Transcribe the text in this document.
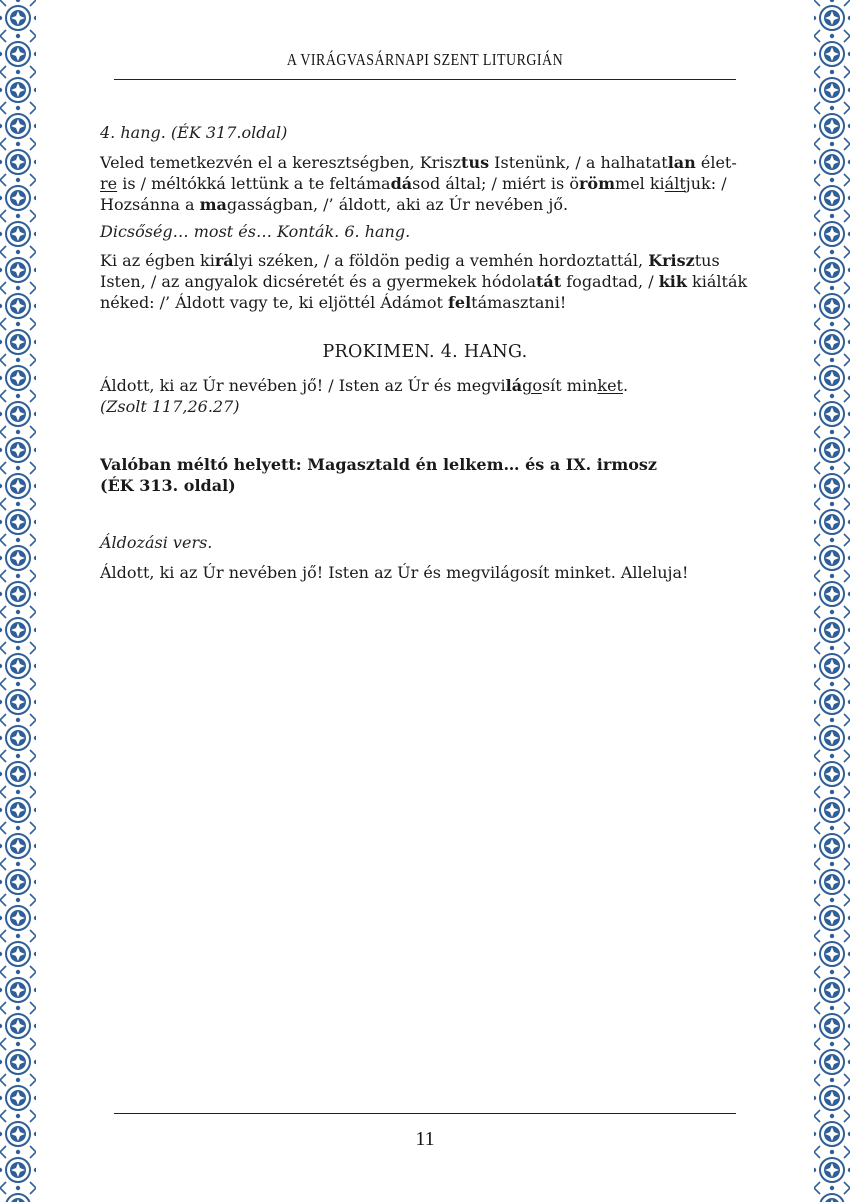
A VIRÁGVASÁRNAPI SZENT LITURGIÁN

4. hang. (ÉK 317.oldal)

Veled temetkezvén el a keresztségben, Krisztus Istenünk, / a halhatatlan élet-

re is / méltókká lettünk a te feltámadásod által; / miért is örömmel kiáltjuk: /

Hozsánna a magasságban, /’ áldott, aki az Úr nevében jő.

Dicsőség… most és… Konták. 6. hang.

Ki az égben királyi széken, / a földön pedig a vemhén hordoztattál, Krisztus

Isten, / az angyalok dicséretét és a gyermekek hódolatát fogadtad, / kik kiálták

néked: /’ Áldott vagy te, ki eljöttél Ádámot feltámasztani!

PROKIMEN. 4. HANG.

Áldott, ki az Úr nevében jő! / Isten az Úr és megvilágosít minket.

(Zsolt 117,26.27)

Valóban méltó helyett: Magasztald én lelkem… és a IX. irmosz

(ÉK 313. oldal)

Áldozási vers.

Áldott, ki az Úr nevében jő! Isten az Úr és megvilágosít minket. Alleluja!

11
